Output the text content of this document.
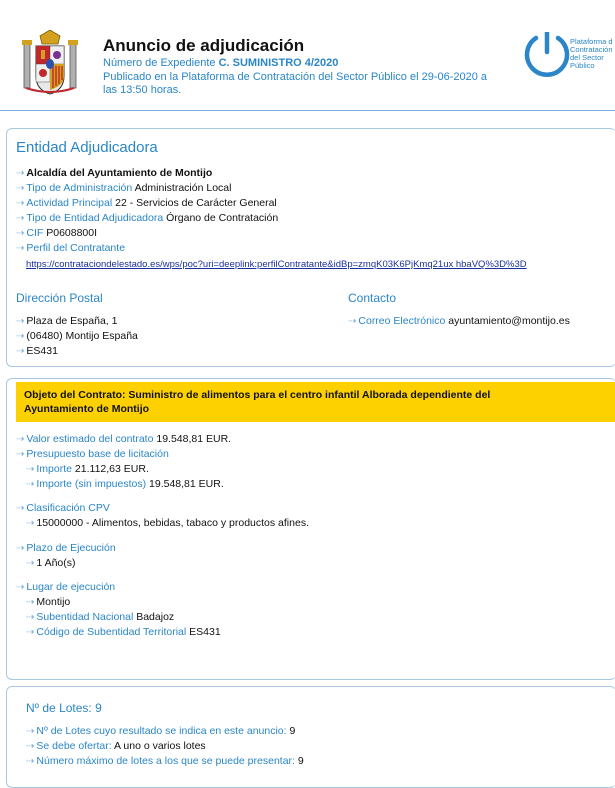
Anuncio de adjudicación
Número de Expediente C. SUMINISTRO 4/2020
Publicado en la Plataforma de Contratación del Sector Público el 29-06-2020 a
las 13:50 horas.
Plataforma d
Contratación
del Sector
Público
Entidad Adjudicadora
⇢ Alcaldía del Ayuntamiento de Montijo
⇢ Tipo de Administración Administración Local
⇢ Actividad Principal 22 - Servicios de Carácter General
⇢ Tipo de Entidad Adjudicadora Órgano de Contratación
⇢ CIF P0608800I
⇢ Perfil del Contratante
https://contrataciondelestado.es/wps/poc?uri=deeplink:perfilContratante&idBp=zmqK03K6PjKmq21ux hbaVQ%3D%3D
Dirección Postal
⇢ Plaza de España, 1
⇢ (06480) Montijo España
⇢ ES431
Contacto
⇢ Correo Electrónico ayuntamiento@montijo.es
Objeto del Contrato: Suministro de alimentos para el centro infantil Alborada dependiente del
Ayuntamiento de Montijo
⇢ Valor estimado del contrato 19.548,81 EUR.
⇢ Presupuesto base de licitación
⇢ Importe 21.112,63 EUR.
⇢ Importe (sin impuestos) 19.548,81 EUR.
⇢ Clasificación CPV
⇢ 15000000 - Alimentos, bebidas, tabaco y productos afines.
⇢ Plazo de Ejecución
⇢ 1 Año(s)
⇢ Lugar de ejecución
⇢ Montijo
⇢ Subentidad Nacional Badajoz
⇢ Código de Subentidad Territorial ES431
Nº de Lotes: 9
⇢ Nº de Lotes cuyo resultado se indica en este anuncio: 9
⇢ Se debe ofertar: A uno o varios lotes
⇢ Número máximo de lotes a los que se puede presentar: 9
